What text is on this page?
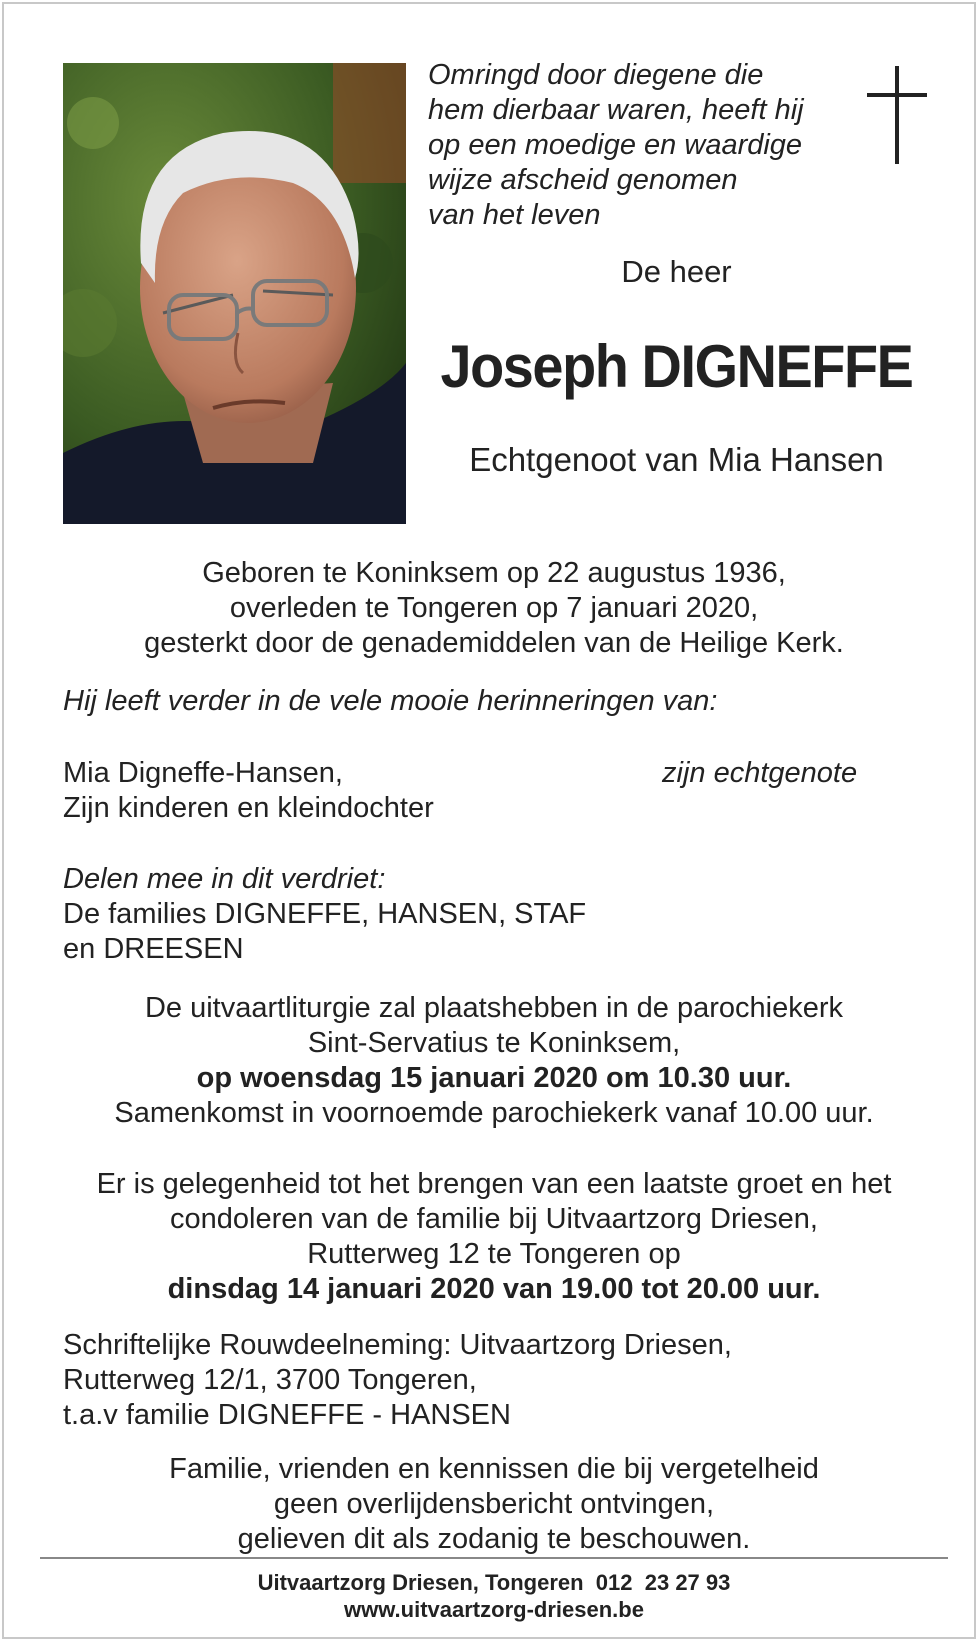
Omringd door diegene die
hem dierbaar waren, heeft hij
op een moedige en waardige
wijze afscheid genomen
van het leven
De heer
Joseph DIGNEFFE
Echtgenoot van Mia Hansen
Geboren te Koninksem op 22 augustus 1936,
overleden te Tongeren op 7 januari 2020,
gesterkt door de genademiddelen van de Heilige Kerk.
Hij leeft verder in de vele mooie herinneringen van:
Mia Digneffe-Hansen,	zijn echtgenote
Zijn kinderen en kleindochter
Delen mee in dit verdriet:
De families DIGNEFFE, HANSEN, STAF
en DREESEN
De uitvaartliturgie zal plaatshebben in de parochiekerk
Sint-Servatius te Koninksem,
op woensdag 15 januari 2020 om 10.30 uur.
Samenkomst in voornoemde parochiekerk vanaf 10.00 uur.
Er is gelegenheid tot het brengen van een laatste groet en het
condoleren van de familie bij Uitvaartzorg Driesen,
Rutterweg 12 te Tongeren op
dinsdag 14 januari 2020 van 19.00 tot 20.00 uur.
Schriftelijke Rouwdeelneming: Uitvaartzorg Driesen,
Rutterweg 12/1, 3700 Tongeren,
t.a.v familie DIGNEFFE - HANSEN
Familie, vrienden en kennissen die bij vergetelheid
geen overlijdensbericht ontvingen,
gelieven dit als zodanig te beschouwen.
Uitvaartzorg Driesen, Tongeren  012  23 27 93
www.uitvaartzorg-driesen.be
